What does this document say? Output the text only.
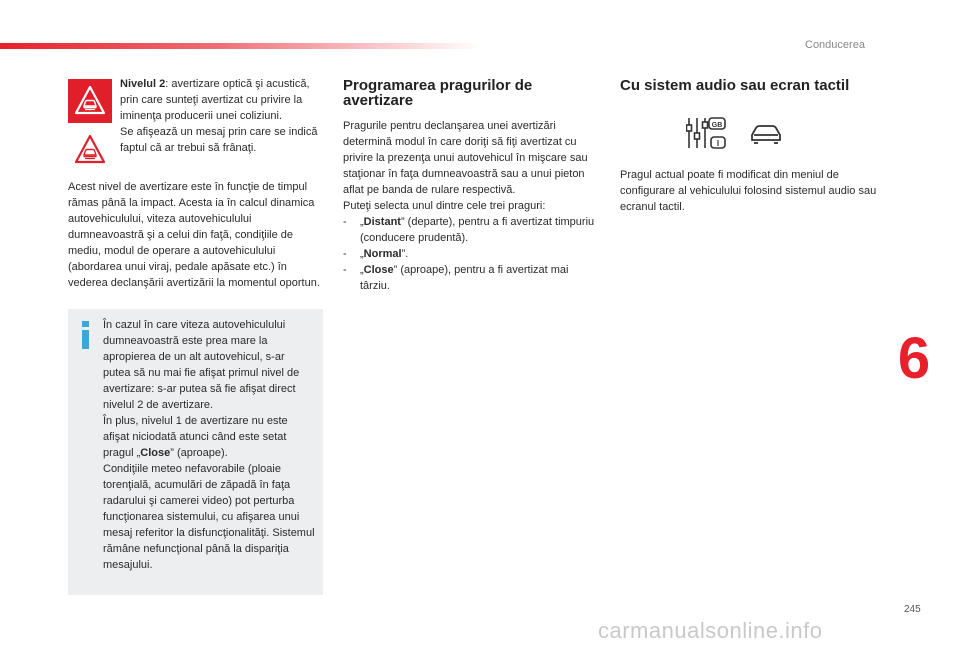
Conducerea
6
245
carmanualsonline.info

Nivelul 2: avertizare optică şi acustică, prin care sunteţi avertizat cu privire la iminenţa producerii unei coliziuni.

Se afişează un mesaj prin care se indică faptul că ar trebui să frânaţi.

Acest nivel de avertizare este în funcţie de timpul rămas până la impact. Acesta ia în calcul dinamica autovehiculului, viteza autovehiculului dumneavoastră şi a celui din faţă, condiţiile de mediu, modul de operare a autovehiculului (abordarea unui viraj, pedale apăsate etc.) în vederea declanşării avertizării la momentul oportun.

În cazul în care viteza autovehiculului dumneavoastră este prea mare la apropierea de un alt autovehicul, s-ar putea să nu mai fie afişat primul nivel de avertizare: s-ar putea să fie afişat direct nivelul 2 de avertizare.

În plus, nivelul 1 de avertizare nu este afişat niciodată atunci când este setat pragul „Close” (aproape).

Condiţiile meteo nefavorabile (ploaie torenţială, acumulări de zăpadă în faţa radarului şi camerei video) pot perturba funcţionarea sistemului, cu afişarea unui mesaj referitor la disfuncţionalităţi. Sistemul rămâne nefuncţional până la dispariţia mesajului.

Programarea pragurilor de avertizare

Pragurile pentru declanşarea unei avertizări determină modul în care doriţi să fiţi avertizat cu privire la prezenţa unui autovehicul în mişcare sau staţionar în faţa dumneavoastră sau a unui pieton aflat pe banda de rulare respectivă.

Puteţi selecta unul dintre cele trei praguri:

-	„Distant” (departe), pentru a fi avertizat timpuriu (conducere prudentă).
-	„Normal”.
-	„Close” (aproape), pentru a fi avertizat mai târziu.
Cu sistem audio sau ecran tactil

Pragul actual poate fi modificat din meniul de configurare al vehiculului folosind sistemul audio sau ecranul tactil.

GB
I
